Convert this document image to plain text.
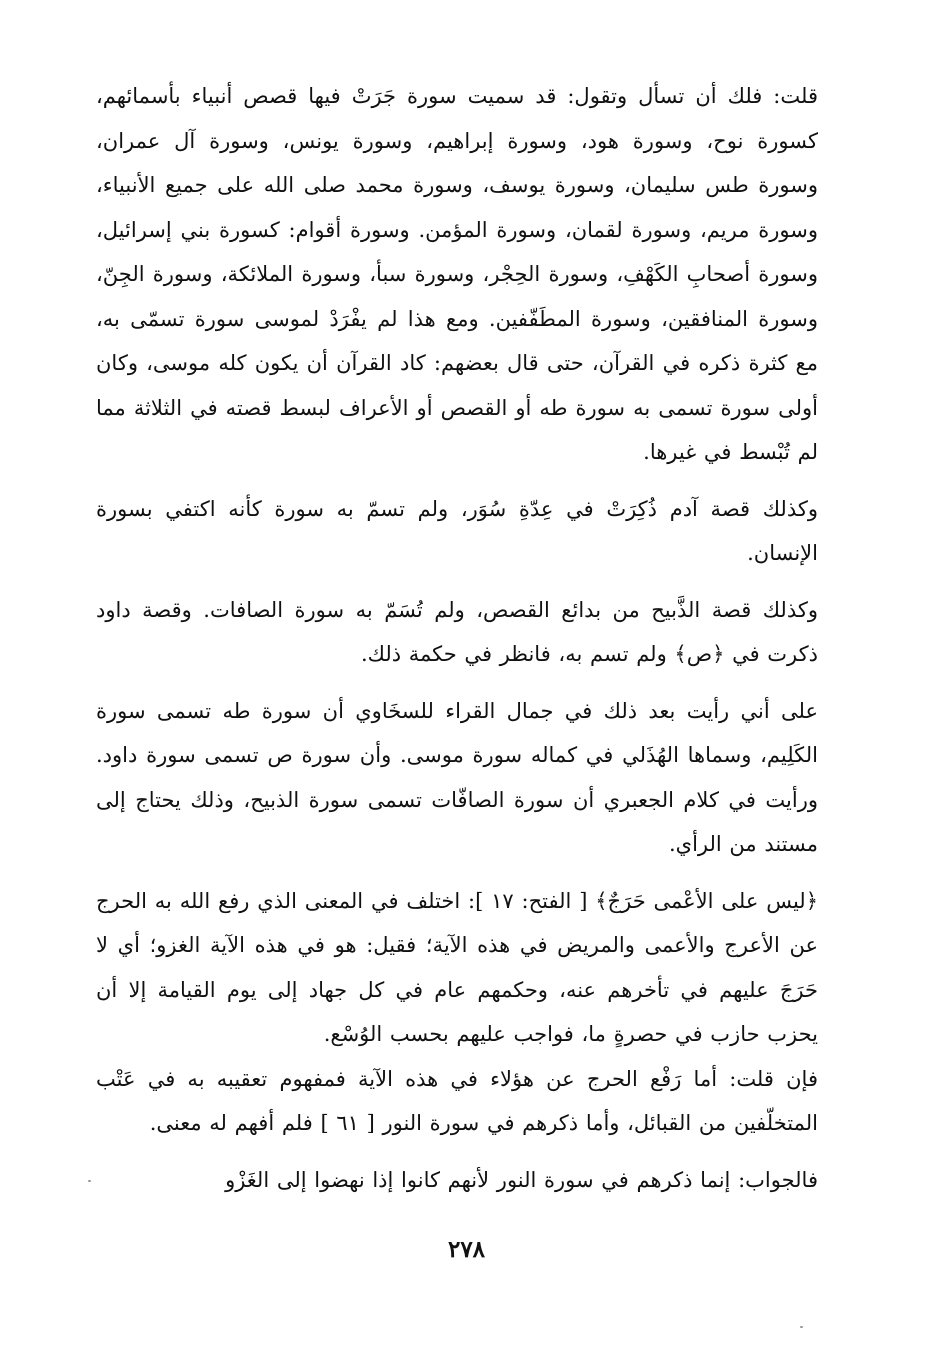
قلت: فلك أن تسأل وتقول: قد سميت سورة جَرَتْ فيها قصص أنبياء بأسمائهم، كسورة نوح، وسورة هود، وسورة إبراهيم، وسورة يونس، وسورة آل عمران، وسورة طس سليمان، وسورة يوسف، وسورة محمد صلى الله على جميع الأنبياء، وسورة مريم، وسورة لقمان، وسورة المؤمن. وسورة أقوام: كسورة بني إسرائيل، وسورة أصحابِ الكَهْفِ، وسورة الحِجْر، وسورة سبأ، وسورة الملائكة، وسورة الجِنّ، وسورة المنافقين، وسورة المطَفّفين. ومع هذا لم يفْرَدْ لموسى سورة تسمّى به، مع كثرة ذكره في القرآن، حتى قال بعضهم: كاد القرآن أن يكون كله موسى، وكان أولى سورة تسمى به سورة طه أو القصص أو الأعراف لبسط قصته في الثلاثة مما لم تُبْسط في غيرها.

وكذلك قصة آدم ذُكِرَتْ في عِدّةِ سُوَر، ولم تسمّ به سورة كأنه اكتفي بسورة الإنسان.

وكذلك قصة الذَّبيح من بدائع القصص، ولم تُسَمّ به سورة الصافات. وقصة داود ذكرت في ﴿ص﴾ ولم تسم به، فانظر في حكمة ذلك.

على أني رأيت بعد ذلك في جمال القراء للسخَاوي أن سورة طه تسمى سورة الكَلِيم، وسماها الهُذَلي في كماله سورة موسى. وأن سورة ص تسمى سورة داود. ورأيت في كلام الجعبري أن سورة الصافّات تسمى سورة الذبيح، وذلك يحتاج إلى مستند من الرأي.

﴿ليس على الأعْمى حَرَجٌ﴾ [ الفتح: ١٧ ]: اختلف في المعنى الذي رفع الله به الحرج عن الأعرج والأعمى والمريض في هذه الآية؛ فقيل: هو في هذه الآية الغزو؛ أي لا حَرَجَ عليهم في تأخرهم عنه، وحكمهم عام في كل جهاد إلى يوم القيامة إلا أن يحزب حازب في حصرةٍ ما، فواجب عليهم بحسب الوُسْع.

فإن قلت: أما رَفْع الحرج عن هؤلاء في هذه الآية فمفهوم تعقيبه به في عَتْب المتخلّفين من القبائل، وأما ذكرهم في سورة النور [ ٦١ ] فلم أفهم له معنى.

فالجواب: إنما ذكرهم في سورة النور لأنهم كانوا إذا نهضوا إلى الغَزْو

٢٧٨
